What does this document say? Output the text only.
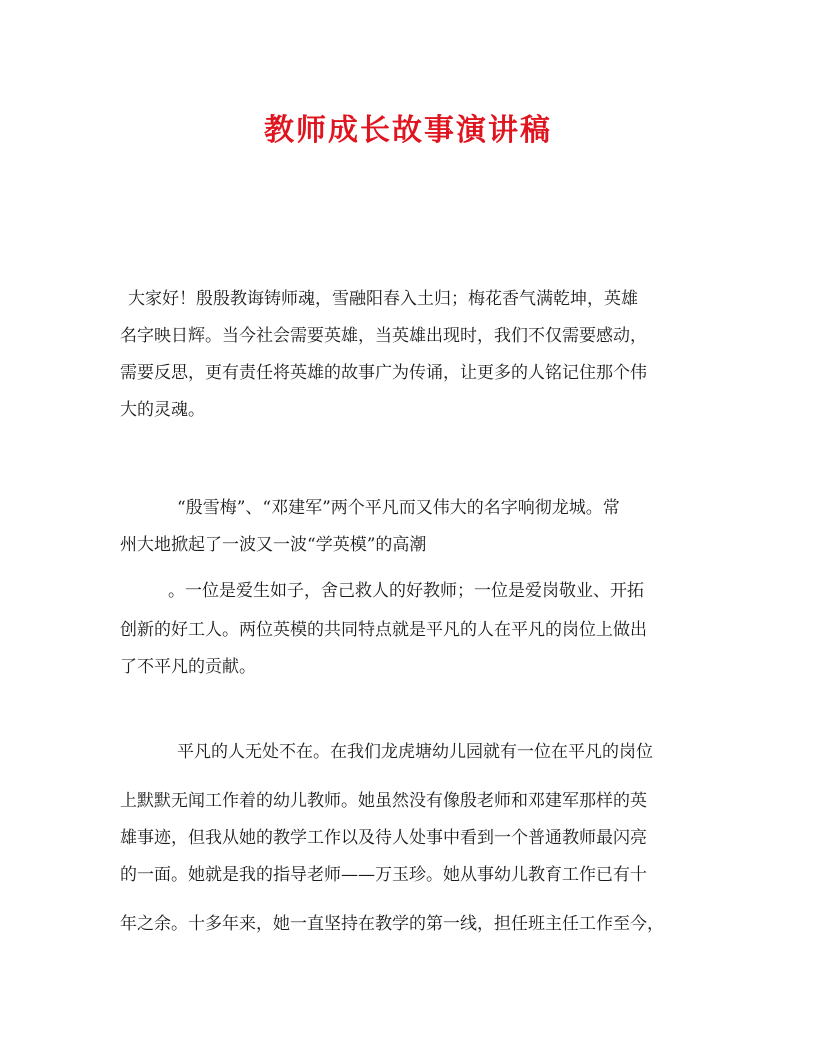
教师成长故事演讲稿

大家好！殷殷教诲铸师魂，雪融阳春入土归；梅花香气满乾坤，英雄

名字映日辉。当今社会需要英雄，当英雄出现时，我们不仅需要感动，

需要反思，更有责任将英雄的故事广为传诵，让更多的人铭记住那个伟

大的灵魂。

“殷雪梅”、“邓建军”两个平凡而又伟大的名字响彻龙城。常

州大地掀起了一波又一波“学英模”的高潮

。一位是爱生如子，舍己救人的好教师；一位是爱岗敬业、开拓

创新的好工人。两位英模的共同特点就是平凡的人在平凡的岗位上做出

了不平凡的贡献。

平凡的人无处不在。在我们龙虎塘幼儿园就有一位在平凡的岗位

上默默无闻工作着的幼儿教师。她虽然没有像殷老师和邓建军那样的英

雄事迹，但我从她的教学工作以及待人处事中看到一个普通教师最闪亮

的一面。她就是我的指导老师——万玉珍。她从事幼儿教育工作已有十

年之余。十多年来，她一直坚持在教学的第一线，担任班主任工作至今，
